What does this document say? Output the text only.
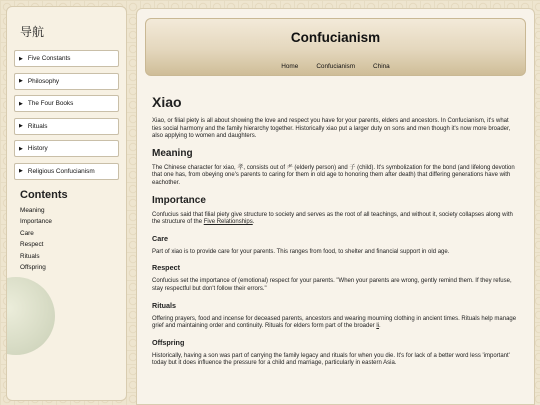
导航
▶ Five Constants
▶ Philosophy
▶ The Four Books
▶ Rituals
▶ History
▶ Religious Confucianism
Contents
Meaning
Importance
Care
Respect
Rituals
Offspring
Confucianism
Home	Confucianism	China
Xiao

Xiao, or filial piety is all about showing the love and respect you have for your parents, elders and ancestors. In Confucianism, it's what ties social harmony and the family hierarchy together. Historically xiao put a larger duty on sons and men though it's now more broader, also applying to women and daughters.

Meaning

The Chinese character for xiao, 孝, consists out of 耂 (elderly person) and 子 (child). It's symbolization for the bond (and lifelong devotion that one has, from obeying one's parents to caring for them in old age to honoring them after death) that differing generations have with eachother.

Importance

Confucius said that filial piety give structure to society and serves as the root of all teachings, and without it, society collapses along with the structure of the Five Relationships.

Care

Part of xiao is to provide care for your parents. This ranges from food, to shelter and financial support in old age.

Respect

Confucius set the importance of (emotional) respect for your parents. "When your parents are wrong, gently remind them. If they refuse, stay respectful but don't follow their errors."

Rituals

Offering prayers, food and incense for deceased parents, ancestors and wearing mourning clothing in ancient times. Rituals help manage grief and maintaining order and continuity. Rituals for elders form part of the broader li.

Offspring

Historically, having a son was part of carrying the family legacy and rituals for when you die. It's for lack of a better word less 'important' today but it does influence the pressure for a child and marriage, particularly in eastern Asia.
